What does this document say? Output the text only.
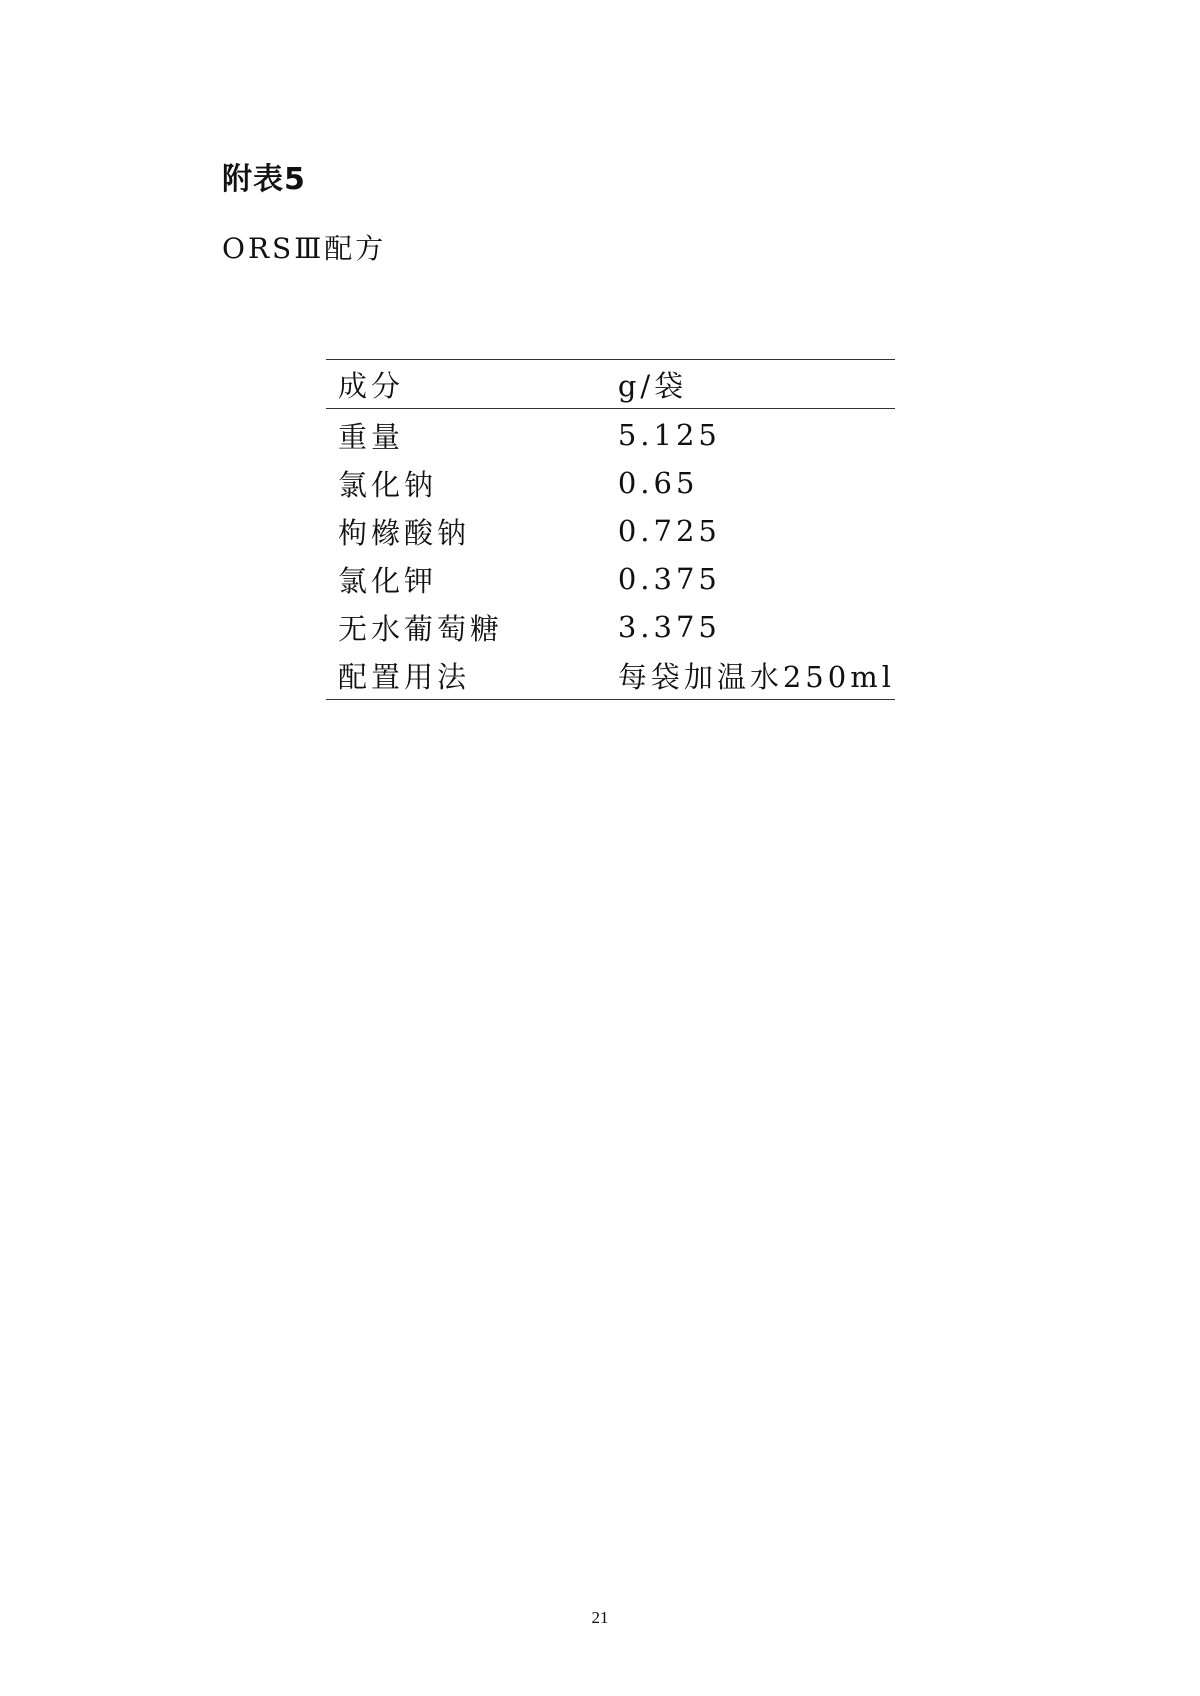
附表5
ORSⅢ配方
成分	g/袋
重量	5.125
氯化钠	0.65
枸橼酸钠	0.725
氯化钾	0.375
无水葡萄糖	3.375
配置用法	每袋加温水250ml
21
